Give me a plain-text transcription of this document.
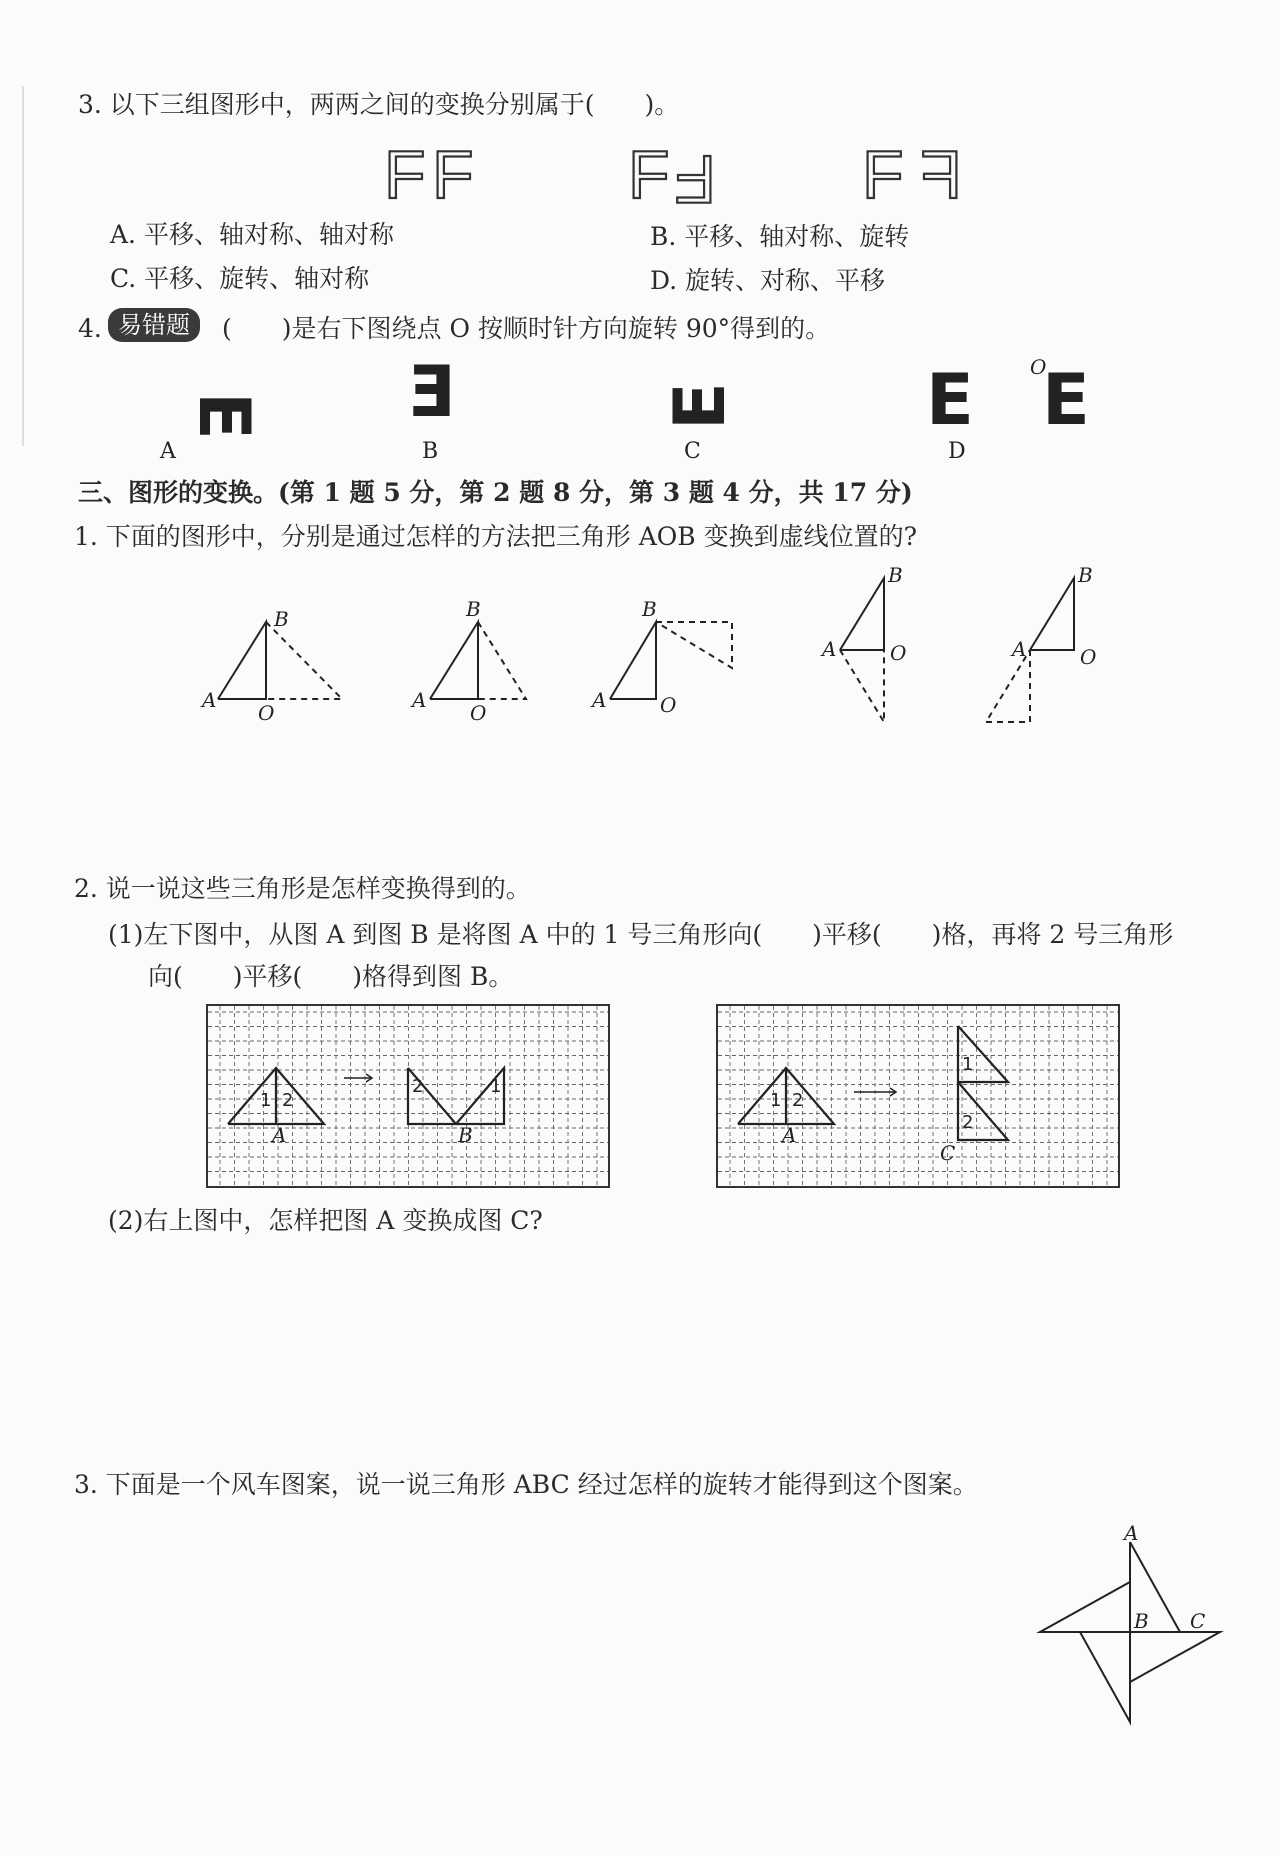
3. 以下三组图形中，两两之间的变换分别属于(　　)。
F F F F F F
A. 平移、轴对称、轴对称	B. 平移、轴对称、旋转
C. 平移、旋转、轴对称	D. 旋转、对称、平移
4. 易错题	(　　)是右下图绕点 O 按顺时针方向旋转 90°得到的。
E E	E	E E
O
A	B	C	D
三、图形的变换。(第 1 题 5 分，第 2 题 8 分，第 3 题 4 分，共 17 分)
1. 下面的图形中，分别是通过怎样的方法把三角形 AOB 变换到虚线位置的?
B
A
O
B
A
O
B
A	O
B
A	O
B
A	O
2. 说一说这些三角形是怎样变换得到的。
(1)左下图中，从图 A 到图 B 是将图 A 中的 1 号三角形向(　　)平移(　　)格，再将 2 号三角形
向(　　)平移(　　)格得到图 B。
1 2
A
2	1
B
1 2
A
1
2
C
(2)右上图中，怎样把图 A 变换成图 C?
3. 下面是一个风车图案，说一说三角形 ABC 经过怎样的旋转才能得到这个图案。
A
B C
